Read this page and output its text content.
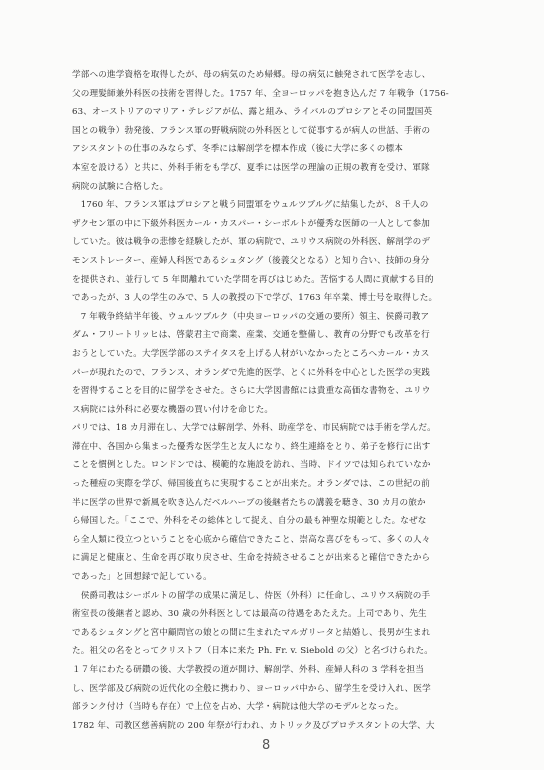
学部への進学資格を取得したが、母の病気のため帰郷。母の病気に触発されて医学を志し、
父の理髪師兼外科医の技術を習得した。1757 年、全ヨーロッパを抱き込んだ 7 年戦争（1756-
63、オーストリアのマリア・テレジアが仏、露と組み、ライバルのプロシアとその同盟国英
国との戦争）勃発後、フランス軍の野戦病院の外科医として従事するが病人の世話、手術の
アシスタントの仕事のみならず、冬季には解剖学を標本作成（後に大学に多くの標本
本室を設ける）と共に、外科手術をも学び、夏季には医学の理論の正規の教育を受け、軍隊
病院の試験に合格した。
　1760 年、フランス軍はプロシアと戦う同盟軍をウュルツブルグに結集したが、８千人の
ザクセン軍の中に下級外科医カール・カスパー・シーボルトが優秀な医師の一人として参加
していた。彼は戦争の悲惨を経験したが、軍の病院で、ユリウス病院の外科医、解剖学のデ
モンストレーター、産婦人科医であるシュタング（後義父となる）と知り合い、技師の身分
を提供され、並行して 5 年間離れていた学問を再びはじめた。苦悩する人間に貢献する目的
であったが、3 人の学生のみで、5 人の教授の下で学び、1763 年卒業、博士号を取得した。
　7 年戦争終結半年後、ウュルツブルク（中央ヨーロッパの交通の要所）領主、侯爵司教ア
ダム・フリートリッヒは、啓蒙君主で商業、産業、交通を整備し、教育の分野でも改革を行
おうとしていた。大学医学部のステイタスを上げる人材がいなかったところへカール・カス
パーが現れたので、フランス、オランダで先進的医学、とくに外科を中心とした医学の実践
を習得することを目的に留学をさせた。さらに大学図書館には貴重な高価な書物を、ユリウ
ス病院には外科に必要な機器の買い付けを命じた。
パリでは、18 カ月滞在し、大学では解剖学、外科、助産学を、市民病院では手術を学んだ。
滞在中、各国から集まった優秀な医学生と友人になり、終生連絡をとり、弟子を修行に出す
ことを慣例とした。ロンドンでは、模範的な施設を訪れ、当時、ドイツでは知られていなか
った種痘の実際を学び、帰国後直ちに実現することが出来た。オランダでは、この世紀の前
半に医学の世界で新風を吹き込んだベルハーブの後継者たちの講義を聴き、30 カ月の旅か
ら帰国した。「ここで、外科をその総体として捉え、自分の最も神聖な規範とした。なぜな
ら全人類に役立つということを心底から確信できたこと、崇高な喜びをもって、多くの人々
に満足と健康と、生命を再び取り戻させ、生命を持続させることが出来ると確信できたから
であった」と回想録で記している。
　侯爵司教はシーボルトの留学の成果に満足し、侍医（外科）に任命し、ユリウス病院の手
術室長の後継者と認め、30 歳の外科医としては最高の待遇をあたえた。上司であり、先生
であるシュタングと宮中顧問官の娘との間に生まれたマルガリータと結婚し、長男が生まれ
た。祖父の名をとってクリストフ（日本に来た Ph. Fr. v. Siebold の父）と名づけられた。
１７年にわたる研鑽の後、大学教授の道が開け、解剖学、外科、産婦人科の 3 学科を担当
し、医学部及び病院の近代化の全般に携わり、ヨーロッパ中から、留学生を受け入れ、医学
部ランク付け（当時も存在）で上位を占め、大学・病院は他大学のモデルとなった。
1782 年、司教区慈善病院の 200 年祭が行われ、カトリック及びプロテスタントの大学、大
8
